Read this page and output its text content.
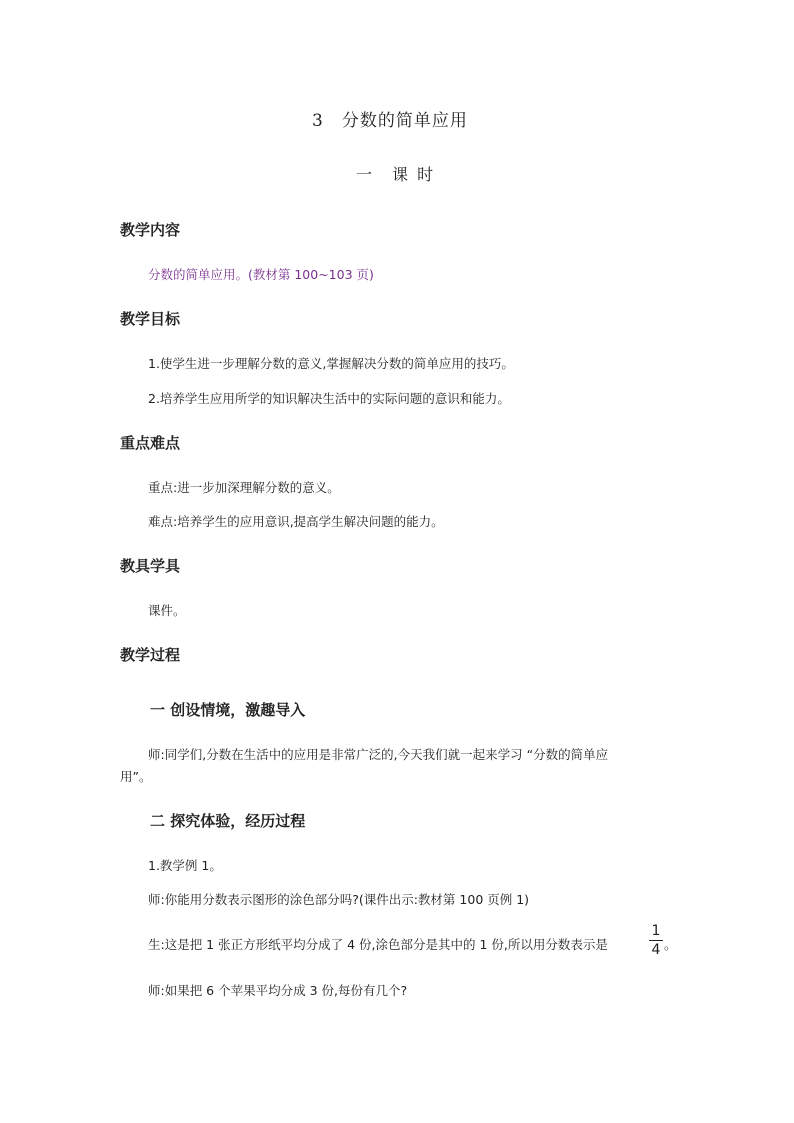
3　分数的简单应用
一　课 时
教学内容
分数的简单应用。(教材第 100~103 页)
教学目标
1.使学生进一步理解分数的意义,掌握解决分数的简单应用的技巧。
2.培养学生应用所学的知识解决生活中的实际问题的意识和能力。
重点难点
重点:进一步加深理解分数的意义。
难点:培养学生的应用意识,提高学生解决问题的能力。
教具学具
课件。
教学过程
一 创设情境，激趣导入
师:同学们,分数在生活中的应用是非常广泛的,今天我们就一起来学习 “分数的简单应
用”。
二 探究体验，经历过程
1.教学例 1。
师:你能用分数表示图形的涂色部分吗?(课件出示:教材第 100 页例 1)
生:这是把 1 张正方形纸平均分成了 4 份,涂色部分是其中的 1 份,所以用分数表示是
1
4 。
师:如果把 6 个苹果平均分成 3 份,每份有几个?
